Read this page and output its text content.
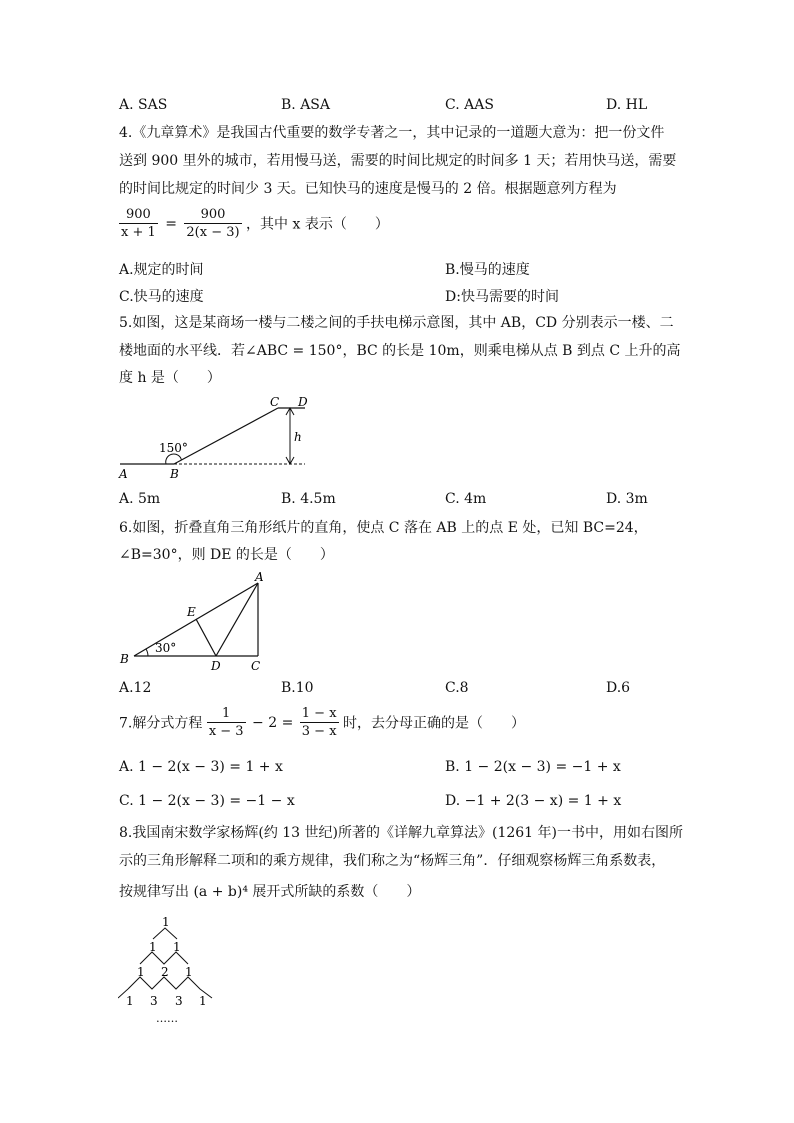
A. SAS	B. ASA	C. AAS	D. HL
4.《九章算术》是我国古代重要的数学专著之一，其中记录的一道题大意为：把一份文件
送到 900 里外的城市，若用慢马送，需要的时间比规定的时间多 1 天；若用快马送，需要
的时间比规定的时间少 3 天。已知快马的速度是慢马的 2 倍。根据题意列方程为
$\frac{900}{x + 1} = \frac{900}{2(x - 3)}$ ，其中 x 表示（　　）
A.规定的时间	B.慢马的速度
C.快马的速度	D:快马需要的时间
5.如图，这是某商场一楼与二楼之间的手扶电梯示意图，其中 AB，CD 分别表示一楼、二
楼地面的水平线．若∠ABC = 150°，BC 的长是 10m，则乘电梯从点 B 到点 C 上升的高
度 h 是（　　）
150°
A	B
C D
h
A. 5m	B. 4.5m	C. 4m	D. 3m
6.如图，折叠直角三角形纸片的直角，使点 C 落在 AB 上的点 E 处，已知 BC=24，
∠B=30°，则 DE 的长是（　　）
30°
A
B	C
D
E
A.12	B.10	C.8	D.6
7.解分式方程 $\frac{1}{x - 3} - 2 = \frac{1 - x}{3 - x}$ 时，去分母正确的是（　　）
A. 1 − 2(x − 3) = 1 + x	B. 1 − 2(x − 3) = −1 + x
C. 1 − 2(x − 3) = −1 − x	D. −1 + 2(3 − x) = 1 + x
8.我国南宋数学家杨辉(约 13 世纪)所著的《详解九章算法》(1261 年)一书中，用如右图所
示的三角形解释二项和的乘方规律，我们称之为“杨辉三角”．仔细观察杨辉三角系数表，
按规律写出 (a + b)⁴ 展开式所缺的系数（　　）
1
1 1
1 2 1
1 3 3 1
……
